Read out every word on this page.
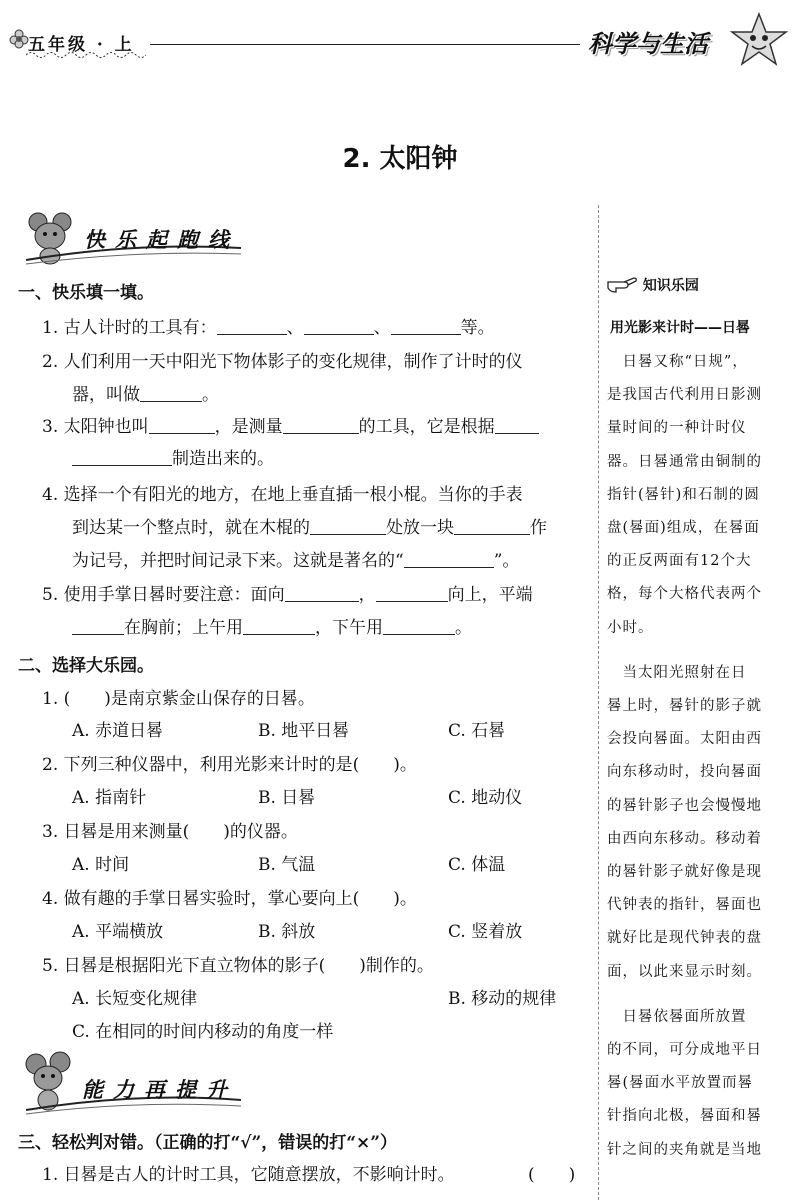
五年级 · 上	科学与生活
2. 太阳钟
快乐起跑线
一、快乐填一填。
1. 古人计时的工具有：	、	、	等。
2. 人们利用一天中阳光下物体影子的变化规律，制作了计时的仪
器，叫做	。
3. 太阳钟也叫	，是测量	的工具，它是根据
制造出来的。
4. 选择一个有阳光的地方，在地上垂直插一根小棍。当你的手表
到达某一个整点时，就在木棍的	处放一块	作
为记号，并把时间记录下来。这就是著名的“	”。
5. 使用手掌日晷时要注意：面向	，	向上，平端
在胸前；上午用	，下午用	。
二、选择大乐园。
1. (　　)是南京紫金山保存的日晷。
A. 赤道日晷	B. 地平日晷	C. 石晷
2. 下列三种仪器中，利用光影来计时的是(　　)。
A. 指南针	B. 日晷	C. 地动仪
3. 日晷是用来测量(　　)的仪器。
A. 时间	B. 气温	C. 体温
4. 做有趣的手掌日晷实验时，掌心要向上(　　)。
A. 平端横放	B. 斜放	C. 竖着放
5. 日晷是根据阳光下直立物体的影子(　　)制作的。
A. 长短变化规律	B. 移动的规律
C. 在相同的时间内移动的角度一样
能力再提升
三、轻松判对错。（正确的打“√”，错误的打“×”）
1. 日晷是古人的计时工具，它随意摆放，不影响计时。	(　　)
知识乐园
用光影来计时——日晷
　日晷又称“日规”，
是我国古代利用日影测
量时间的一种计时仪
器。日晷通常由铜制的
指针(晷针)和石制的圆
盘(晷面)组成，在晷面
的正反两面有12个大
格，每个大格代表两个
小时。
　当太阳光照射在日
晷上时，晷针的影子就
会投向晷面。太阳由西
向东移动时，投向晷面
的晷针影子也会慢慢地
由西向东移动。移动着
的晷针影子就好像是现
代钟表的指针，晷面也
就好比是现代钟表的盘
面，以此来显示时刻。
　日晷依晷面所放置
的不同，可分成地平日
晷(晷面水平放置而晷
针指向北极，晷面和晷
针之间的夹角就是当地
